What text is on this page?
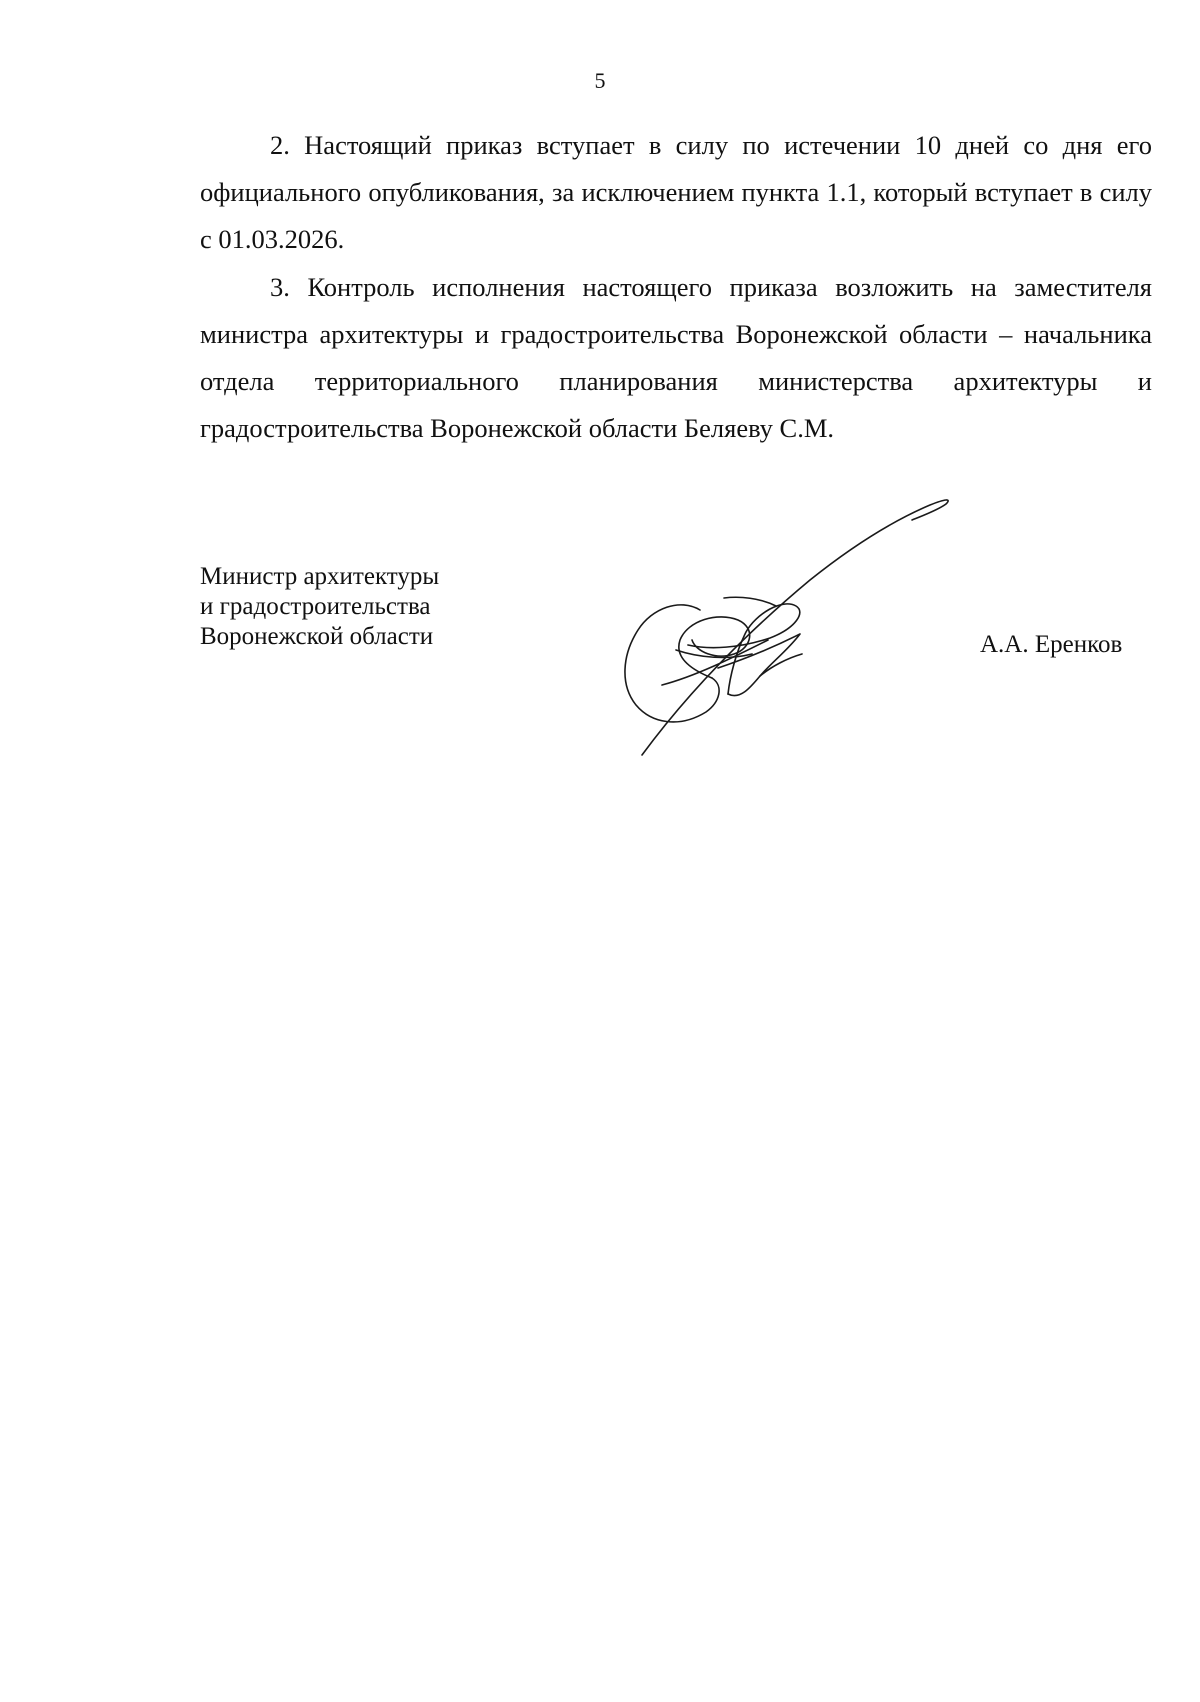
5

2. Настоящий приказ вступает в силу по истечении 10 дней со дня его официального опубликования, за исключением пункта 1.1, который вступает в силу с 01.03.2026.

3. Контроль исполнения настоящего приказа возложить на заместителя министра архитектуры и градостроительства Воронежской области – начальника отдела территориального планирования министерства архитектуры и градостроительства Воронежской области Беляеву С.М.

Министр архитектуры
и градостроительства
Воронежской области	А.А. Еренков
